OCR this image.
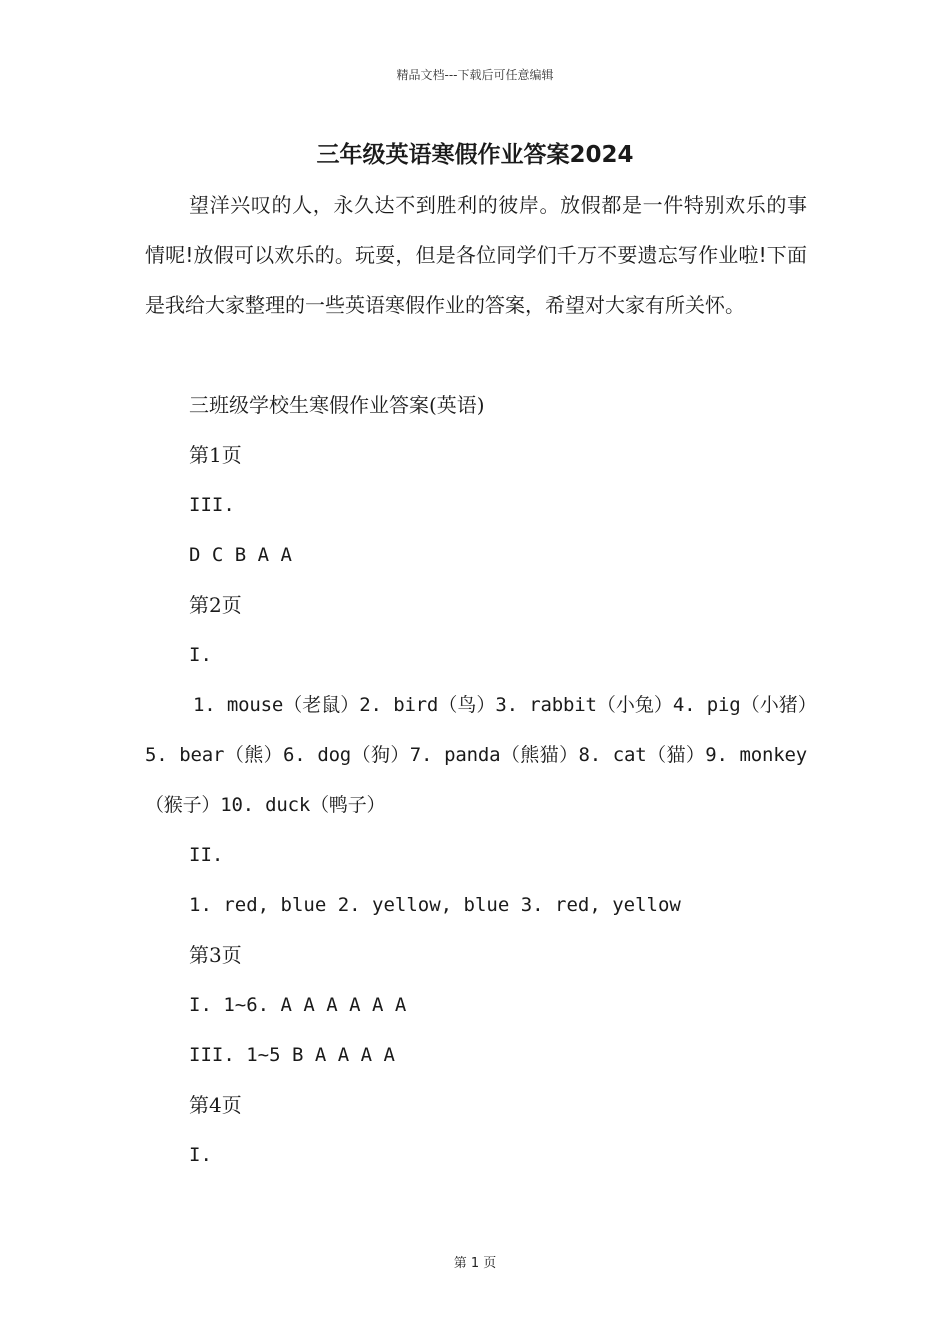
精品文档---下载后可任意编辑
三年级英语寒假作业答案2024

望洋兴叹的人，永久达不到胜利的彼岸。放假都是一件特别欢乐的事情呢!放假可以欢乐的。玩耍，但是各位同学们千万不要遗忘写作业啦!下面是我给大家整理的一些英语寒假作业的答案，希望对大家有所关怀。

三班级学校生寒假作业答案(英语)

第1页

III.

D C B A A

第2页

I.

1. mouse（老鼠）2. bird（鸟）3. rabbit（小兔）4. pig（小猪）5. bear（熊）6. dog（狗）7. panda（熊猫）8. cat（猫）9. monkey（猴子）10. duck（鸭子）

II.

1. red, blue 2. yellow, blue 3. red, yellow

第3页

I. 1~6. A A A A A A

III. 1~5 B A A A A

第4页

I.

第 1 页
